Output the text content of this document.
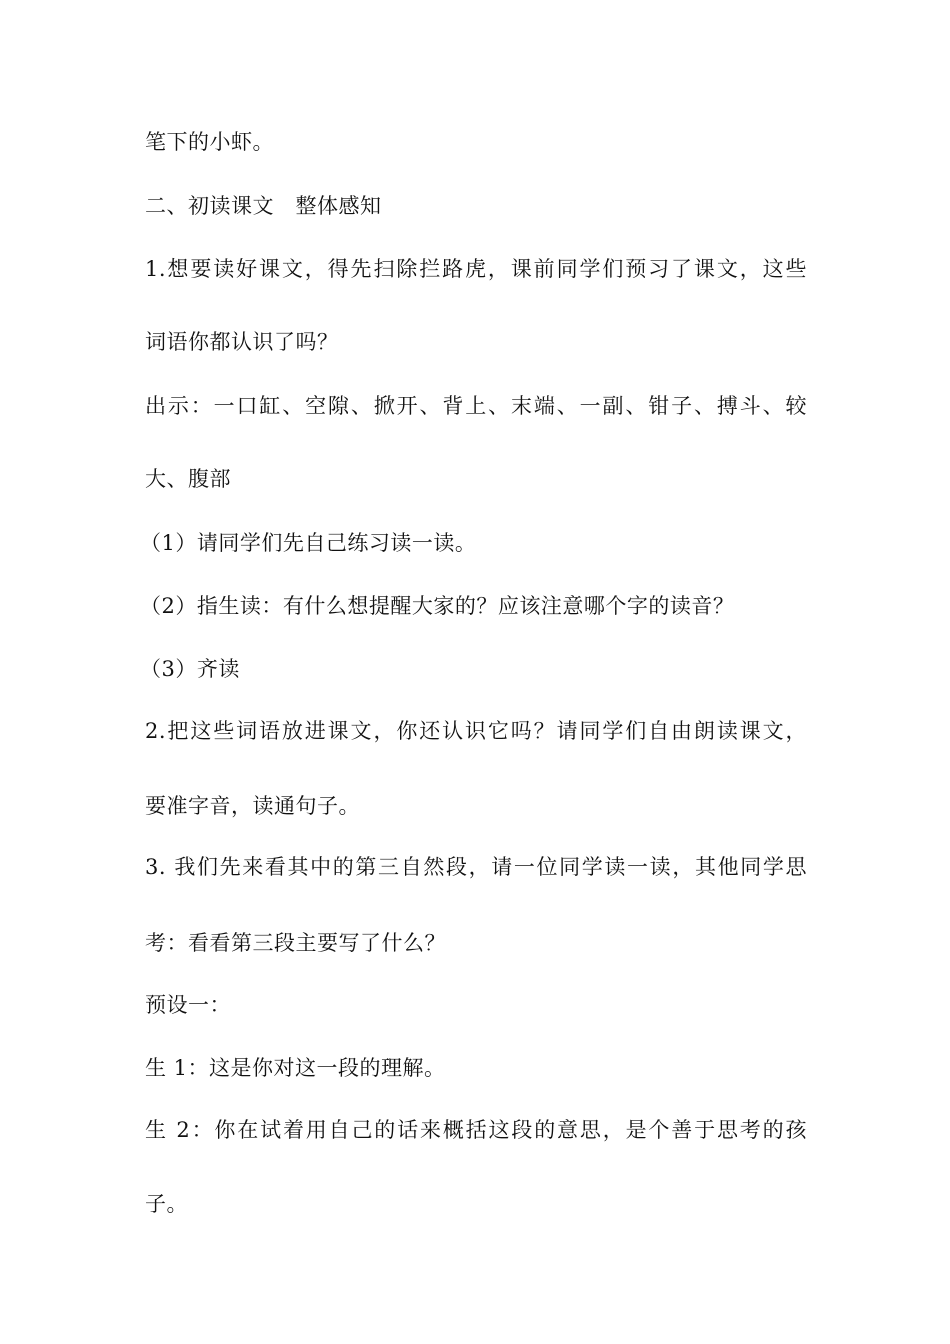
笔下的小虾。
二、初读课文　整体感知
1.想要读好课文，得先扫除拦路虎，课前同学们预习了课文，这些
词语你都认识了吗？
出示：一口缸、空隙、掀开、背上、末端、一副、钳子、搏斗、较
大、腹部
（1）请同学们先自己练习读一读。
（2）指生读：有什么想提醒大家的？应该注意哪个字的读音？
（3）齐读
2.把这些词语放进课文，你还认识它吗？请同学们自由朗读课文，
要准字音，读通句子。
3. 我们先来看其中的第三自然段，请一位同学读一读，其他同学思
考：看看第三段主要写了什么？
预设一：
生 1：这是你对这一段的理解。
生 2：你在试着用自己的话来概括这段的意思，是个善于思考的孩
子。
